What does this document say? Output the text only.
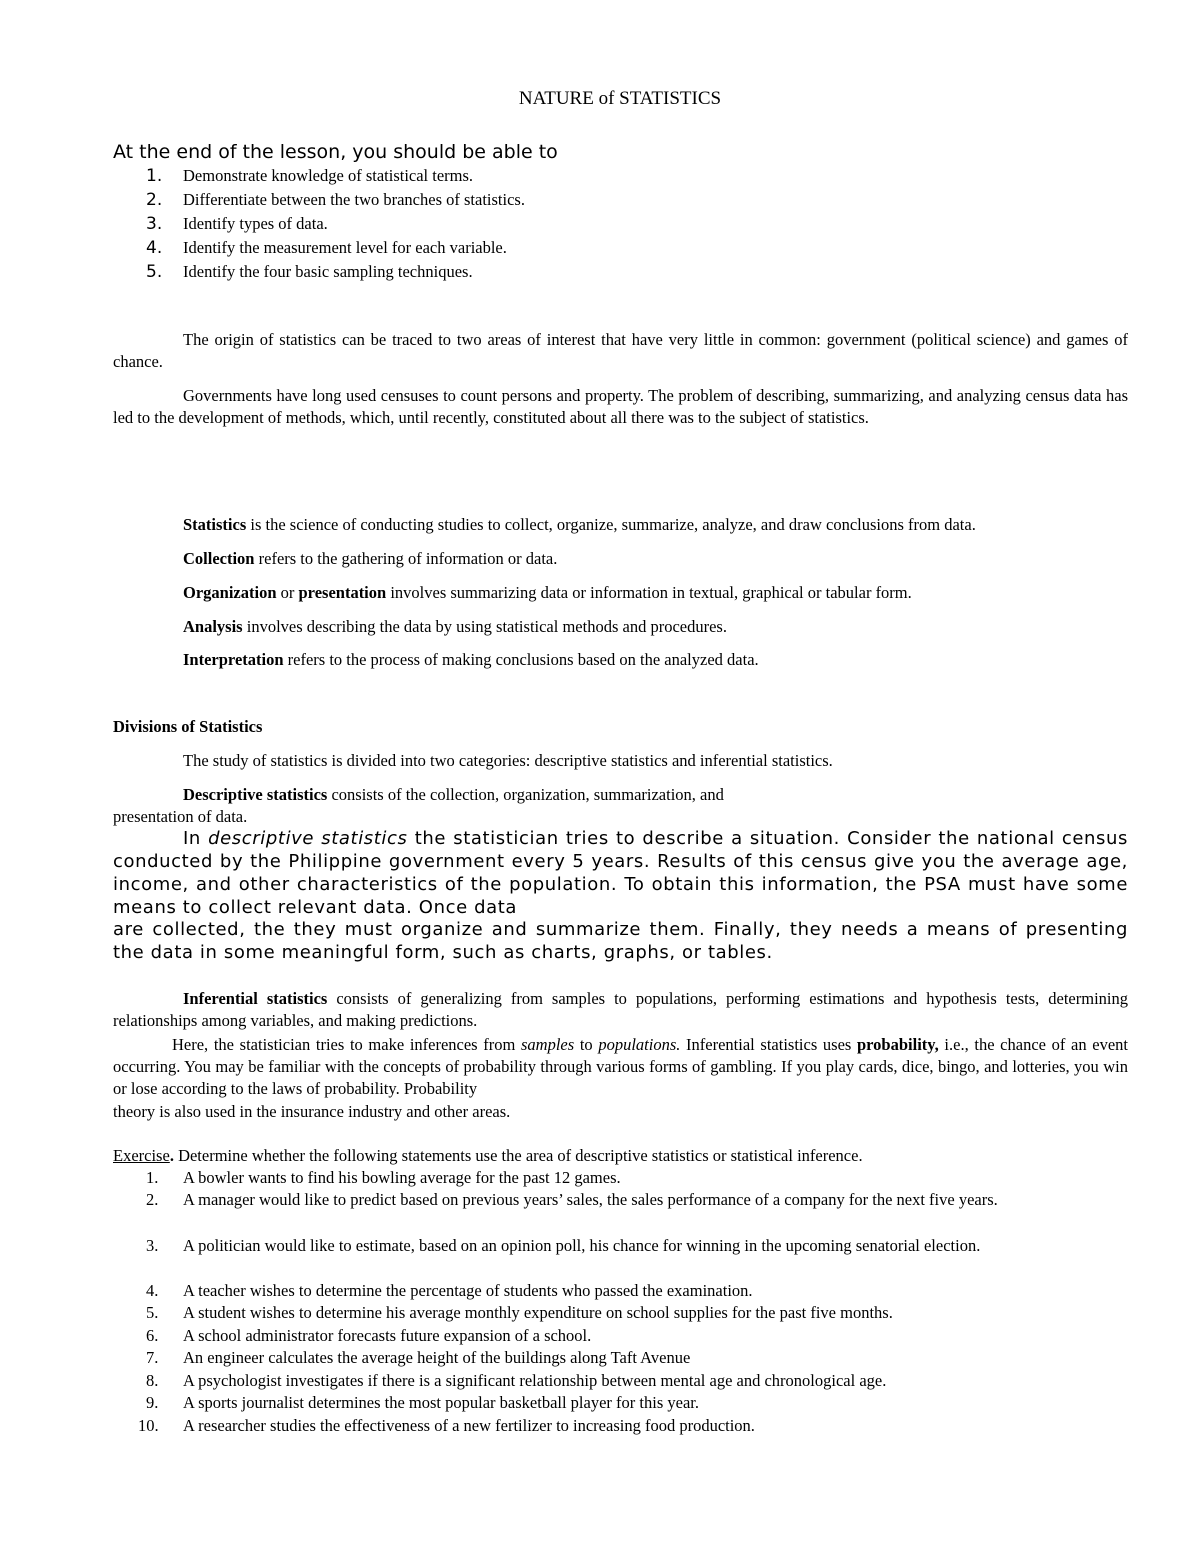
NATURE of STATISTICS
At the end of the lesson, you should be able to
1. Demonstrate knowledge of statistical terms.
2. Differentiate between the two branches of statistics.
3. Identify types of data.
4. Identify the measurement level for each variable.
5. Identify the four basic sampling techniques.
The origin of statistics can be traced to two areas of interest that have very little in common: government (political science) and games of chance.
Governments have long used censuses to count persons and property. The problem of describing, summarizing, and analyzing census data has led to the development of methods, which, until recently, constituted about all there was to the subject of statistics.
Statistics is the science of conducting studies to collect, organize, summarize, analyze, and draw conclusions from data.
Collection refers to the gathering of information or data.
Organization or presentation involves summarizing data or information in textual, graphical or tabular form.
Analysis involves describing the data by using statistical methods and procedures.
Interpretation refers to the process of making conclusions based on the analyzed data.
Divisions of Statistics
The study of statistics is divided into two categories: descriptive statistics and inferential statistics.
Descriptive statistics consists of the collection, organization, summarization, and
presentation of data.
In descriptive statistics the statistician tries to describe a situation. Consider the national census conducted by the Philippine government every 5 years. Results of this census give you the average age, income, and other characteristics of the population. To obtain this information, the PSA must have some means to collect relevant data. Once data
are collected, the they must organize and summarize them. Finally, they needs a means of presenting the data in some meaningful form, such as charts, graphs, or tables.
Inferential statistics consists of generalizing from samples to populations, performing estimations and hypothesis tests, determining relationships among variables, and making predictions.
Here, the statistician tries to make inferences from samples to populations. Inferential statistics uses probability, i.e., the chance of an event occurring. You may be familiar with the concepts of probability through various forms of gambling. If you play cards, dice, bingo, and lotteries, you win or lose according to the laws of probability. Probability
theory is also used in the insurance industry and other areas.
Exercise. Determine whether the following statements use the area of descriptive statistics or statistical inference.
1.	A bowler wants to find his bowling average for the past 12 games.
2.	A manager would like to predict based on previous years’ sales, the sales performance of a company for the next five years.
3.	A politician would like to estimate, based on an opinion poll, his chance for winning in the upcoming senatorial election.
4.	A teacher wishes to determine the percentage of students who passed the examination.
5.	A student wishes to determine his average monthly expenditure on school supplies for the past five months.
6.	A school administrator forecasts future expansion of a school.
7.	An engineer calculates the average height of the buildings along Taft Avenue
8.	A psychologist investigates if there is a significant relationship between mental age and chronological age.
9.	A sports journalist determines the most popular basketball player for this year.
10.	A researcher studies the effectiveness of a new fertilizer to increasing food production.
